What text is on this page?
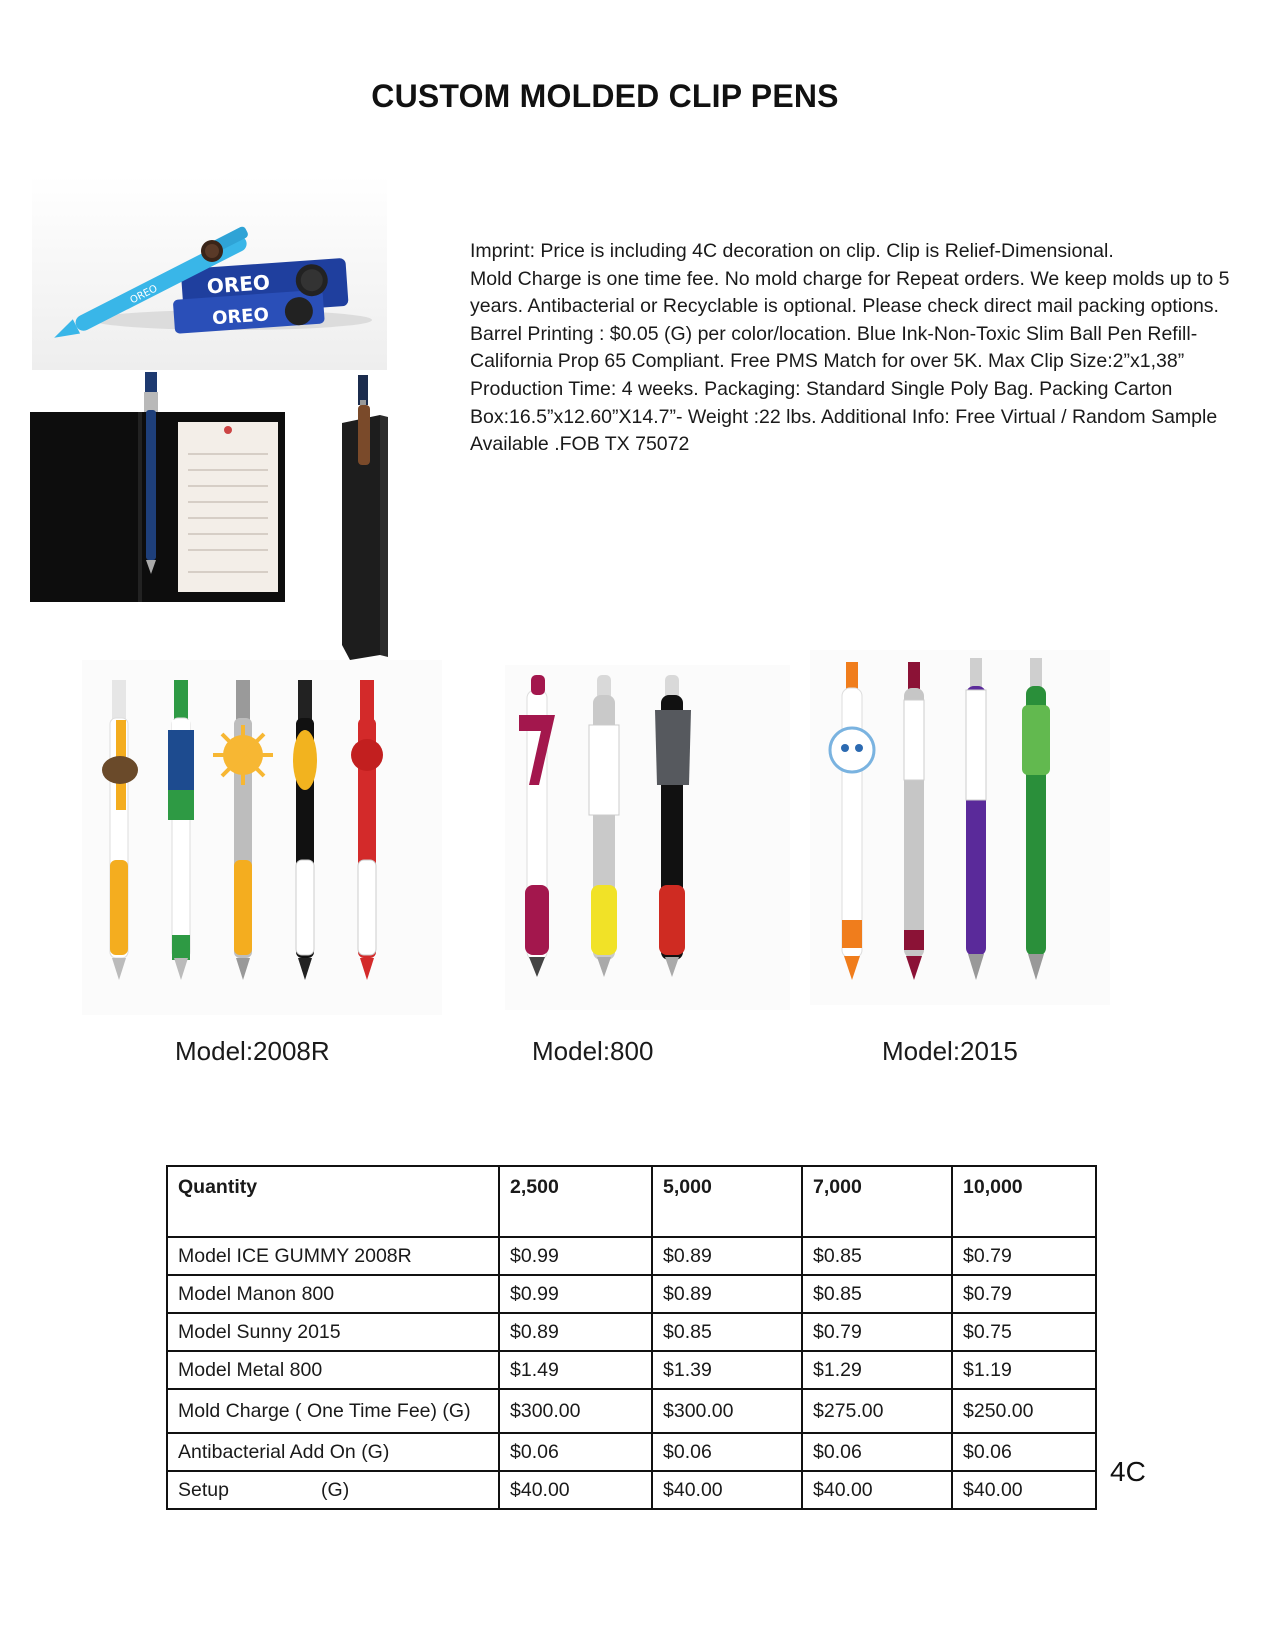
CUSTOM MOLDED CLIP PENS
OREO
OREO
OREO

Imprint: Price is including 4C decoration on clip. Clip is Relief-Dimensional.

Mold Charge is one time fee. No mold charge for Repeat orders. We keep molds up to 5 years. Antibacterial or Recyclable is optional. Please check direct mail packing options.

Barrel Printing : $0.05 (G) per color/location. Blue Ink-Non-Toxic Slim Ball Pen Refill-California Prop 65 Compliant. Free PMS Match for over 5K. Max Clip Size:2”x1,38” Production Time: 4 weeks. Packaging: Standard Single Poly Bag. Packing Carton Box:16.5”x12.60”X14.7”- Weight :22 lbs. Additional Info: Free Virtual / Random Sample Available .FOB TX 75072

Model:2008R	Model:800	Model:2015
Quantity	2,500	5,000	7,000	10,000
Model ICE GUMMY 2008R	$0.99	$0.89	$0.85	$0.79
Model Manon 800	$0.99	$0.89	$0.85	$0.79
Model Sunny 2015	$0.89	$0.85	$0.79	$0.75
Model Metal 800	$1.49	$1.39	$1.29	$1.19
Mold Charge ( One Time Fee) (G)	$300.00	$300.00	$275.00	$250.00
Antibacterial Add On (G)	$0.06	$0.06	$0.06	$0.06
Setup                 (G)	$40.00	$40.00	$40.00	$40.00
4C
